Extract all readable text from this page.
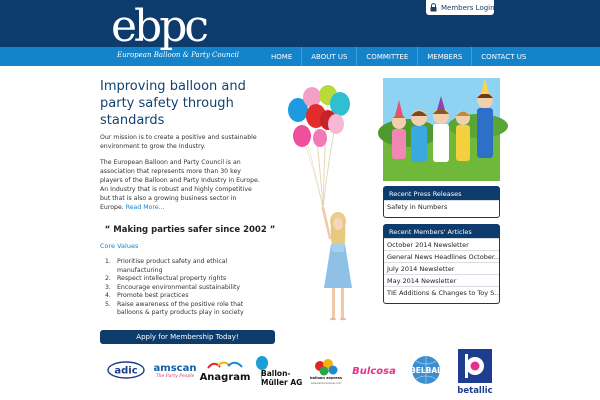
ebpc
European Balloon & Party Council
Members Login
HOME	ABOUT US	COMMITTEE	MEMBERS	CONTACT US
Improving balloon and party safety through standards
Our mission is to create a positive and sustainable environment to grow the Industry.
The European Balloon and Party Council is an association that represents more than 30 key players of the Balloon and Party Industry in Europe. An Industry that is robust and highly competitive but that is also a growing business sector in Europe. Read More...
“ Making parties safer since 2002 ”
Core Values
1. Prioritise product safety and ethical manufacturing
2. Respect intellectual property rights
3. Encourage environmental sustainability
4. Promote best practices
5. Raise awareness of the positive role that balloons & party products play in society
Apply for Membership Today!
Recent Press Releases
Safety in Numbers
Recent Members' Articles
October 2014 Newsletter
General News Headlines October...
July 2014 Newsletter
May 2014 Newsletter
TIE Additions & Changes to Toy S...
adic amscan
The Party People Anagram Ballon-
Müller AG balloon express
www.balloonexpress.com
Bulcosa BELBAL
betallic
